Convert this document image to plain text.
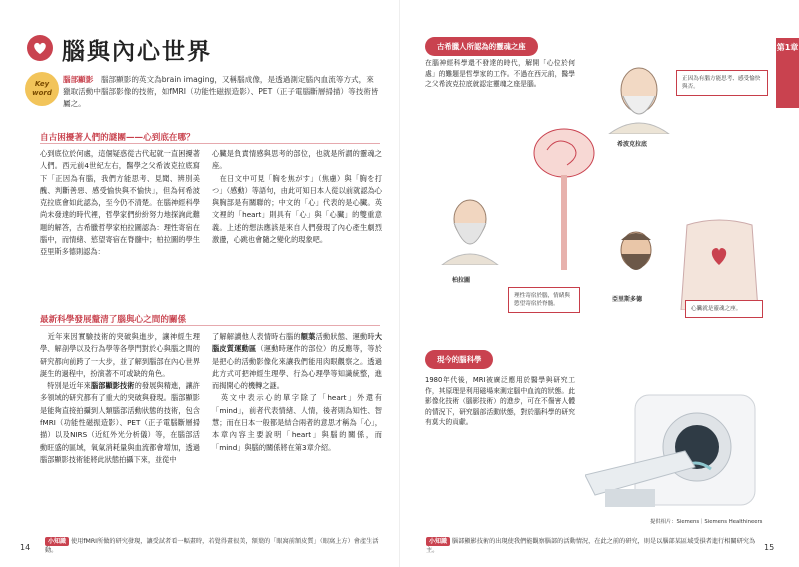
腦與內心世界
Key word
腦部顯影　 腦部顯影的英文為brain imaging，又稱腦成像，是透過測定腦內血流等方式，來獵取活動中腦部影像的技術，如fMRI（功能性磁振造影）、PET（正子電腦斷層掃描）等技術皆屬之。
自古困擾著人們的謎團——心到底在哪？
心到底位於何處，這個疑惑從古代起就一直困擾著人們。西元前4世紀左右，醫學之父希波克拉底寫下「正因為有腦，我們方能思考、見聞、辨別美醜、判斷善惡、感受愉快與不愉快」，但為何希波克拉底會如此認為，至今仍不清楚。在腦神經科學尚未發達的時代裡，哲學家們紛紛努力地探詢此難題的解答，古希臘哲學家柏拉圖認為：理性寄宿在腦中，而情緒、慾望寄宿在脊髓中；柏拉圖的學生亞里斯多德則認為：
心臟是負責情感與思考的部位，也就是所謂的靈魂之座。
　在日文中可見「胸を焦がす」（焦慮）與「胸を打つ」（感動）等語句，由此可知日本人從以前就認為心與胸部是有關聯的；中文的「心」代表的是心臟。英文裡的「heart」則具有「心」與「心臟」的雙重意義。上述的想法應該是來自人們發現了內心產生劇烈激盪，心跳也會隨之變化的現象吧。
最新科學發展釐清了腦與心之間的關係
　近年來因實驗技術的突破與進步，讓神經生理學、解剖學以及行為學等各學門對於心與腦之間的研究都向前跨了一大步，並了解到腦部在內心世界誕生的過程中，扮演著不可或缺的角色。
　特別是近年來腦部顯影技術的發展與精進，讓許多領域的研究都有了重大的突破與發現。腦部顯影是能夠直接拍攝到人類腦部活動狀態的技術，包含fMRI（功能性磁振造影）、PET（正子電腦斷層掃描）以及NIRS（近紅外光分析儀）等，在腦部活動旺盛的區域，氧氣消耗量與血流都會增加，透過腦部顯影技術能將此狀態拍攝下來，並從中
了解解讀他人表情時右腦的額葉活動狀態、運動時大腦皮質運動區（運動時運作的部位）的反應等，等於是把心的活動影像化來讓我們能用肉眼觀察之。透過此方式可把神經生理學、行為心理學等知識統整，進而揭開心的機轉之謎。
　英文中表示心的單字除了「heart」外還有「mind」，前者代表情緒、人情，後者則為知性、智慧；而在日本一般都是結合兩者的意思才稱為「心」，本章內容主要說明「heart」與腦的關係，而「mind」與腦的關係將在第3章介紹。
14
小知識 使用fMRI所做的研究發現，讓受試者看一幅畫時，若覺得畫很美，額葉的「眼窩前額皮質」（眼窩上方）會產生活動。
第1章
古希臘人所認為的靈魂之座
在腦神經科學還不發達的時代，解開「心位於何處」的難題是哲學家的工作。不過在西元前，醫學之父希波克拉底就認定靈魂之座是腦。
希波克拉底
正因為有腦方能思考、感受愉快與否。
柏拉圖
理性寄宿於腦，情緒與慾望寄宿於脊髓。
亞里斯多德
心臟就是靈魂之座。
現今的腦科學
1980年代後，MRI被廣泛應用於醫學與研究工作，其原理是利用磁場來測定腦中血流的狀態。此影像化技術（腦影技術）的進步，可在不傷害人體的情況下，研究腦部活動狀態，對於腦科學的研究有莫大的貢獻。
提供相片：Siemens｜Siemens Healthineers
小知識 腦部顯影技術的出現使我們能觀察腦部的活動情況，在此之前的研究，則是以腦部某區域受損者進行相關研究為主。	15
